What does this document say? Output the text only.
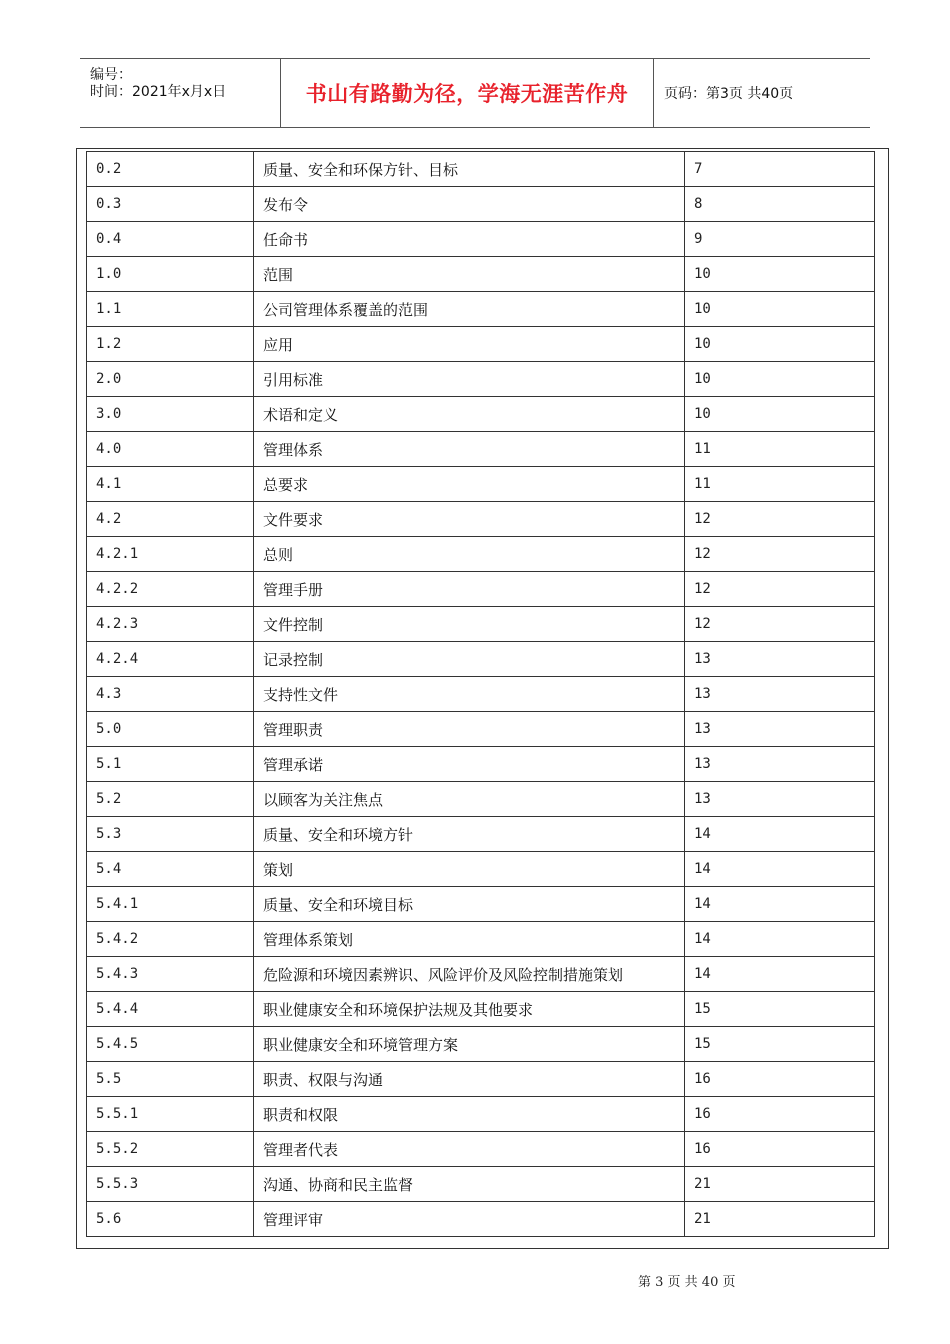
编号：
时间：2021年x月x日	书山有路勤为径，学海无涯苦作舟	页码：第3页 共40页
0.2	质量、安全和环保方针、目标	7
0.3	发布令	8
0.4	任命书	9
1.0	范围	10
1.1	公司管理体系覆盖的范围	10
1.2	应用	10
2.0	引用标准	10
3.0	术语和定义	10
4.0	管理体系	11
4.1	总要求	11
4.2	文件要求	12
4.2.1	总则	12
4.2.2	管理手册	12
4.2.3	文件控制	12
4.2.4	记录控制	13
4.3	支持性文件	13
5.0	管理职责	13
5.1	管理承诺	13
5.2	以顾客为关注焦点	13
5.3	质量、安全和环境方针	14
5.4	策划	14
5.4.1	质量、安全和环境目标	14
5.4.2	管理体系策划	14
5.4.3	危险源和环境因素辨识、风险评价及风险控制措施策划	14
5.4.4	职业健康安全和环境保护法规及其他要求	15
5.4.5	职业健康安全和环境管理方案	15
5.5	职责、权限与沟通	16
5.5.1	职责和权限	16
5.5.2	管理者代表	16
5.5.3	沟通、协商和民主监督	21
5.6	管理评审	21
第 3 页 共 40 页
